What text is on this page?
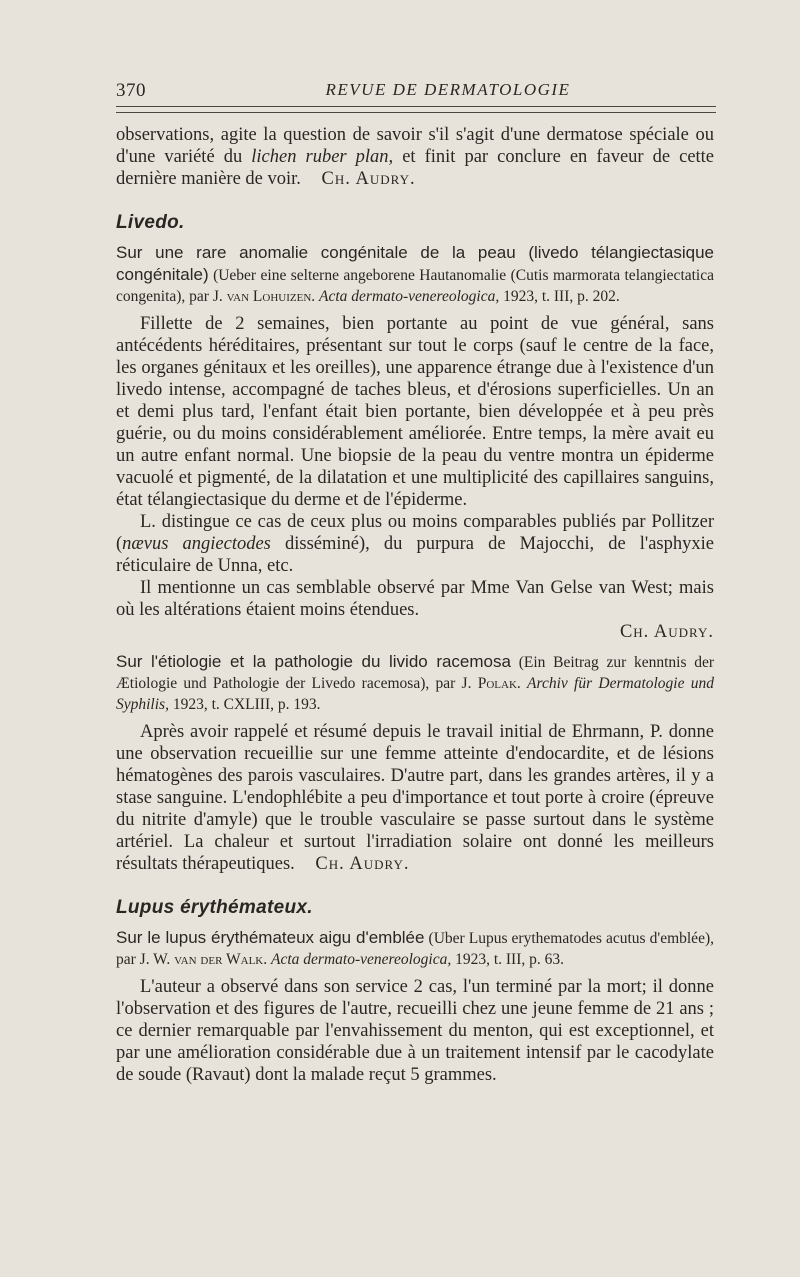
370	REVUE DE DERMATOLOGIE

observations, agite la question de savoir s'il s'agit d'une dermatose spéciale ou d'une variété du lichen ruber plan, et finit par conclure en faveur de cette dernière manière de voir. Ch. Audry.

Livedo.
Sur une rare anomalie congénitale de la peau (livedo télangiectasique congénitale) (Ueber eine selterne angeborene Hautanomalie (Cutis marmorata telangiectatica congenita), par J. van Lohuizen. Acta dermato-venereologica, 1923, t. III, p. 202.

Fillette de 2 semaines, bien portante au point de vue général, sans antécédents héréditaires, présentant sur tout le corps (sauf le centre de la face, les organes génitaux et les oreilles), une apparence étrange due à l'existence d'un livedo intense, accompagné de taches bleus, et d'érosions superficielles. Un an et demi plus tard, l'enfant était bien portante, bien développée et à peu près guérie, ou du moins considérablement améliorée. Entre temps, la mère avait eu un autre enfant normal. Une biopsie de la peau du ventre montra un épiderme vacuolé et pigmenté, de la dilatation et une multiplicité des capillaires sanguins, état télangiectasique du derme et de l'épiderme.

L. distingue ce cas de ceux plus ou moins comparables publiés par Pollitzer (nævus angiectodes disséminé), du purpura de Majocchi, de l'asphyxie réticulaire de Unna, etc.

Il mentionne un cas semblable observé par Mme Van Gelse van West; mais où les altérations étaient moins étendues.

Ch. Audry.

Sur l'étiologie et la pathologie du livido racemosa (Ein Beitrag zur kenntnis der Ætiologie und Pathologie der Livedo racemosa), par J. Polak. Archiv für Dermatologie und Syphilis, 1923, t. CXLIII, p. 193.

Après avoir rappelé et résumé depuis le travail initial de Ehrmann, P. donne une observation recueillie sur une femme atteinte d'endocardite, et de lésions hématogènes des parois vasculaires. D'autre part, dans les grandes artères, il y a stase sanguine. L'endophlébite a peu d'importance et tout porte à croire (épreuve du nitrite d'amyle) que le trouble vasculaire se passe surtout dans le système artériel. La chaleur et surtout l'irradiation solaire ont donné les meilleurs résultats thérapeutiques. Ch. Audry.

Lupus érythémateux.
Sur le lupus érythémateux aigu d'emblée (Uber Lupus erythematodes acutus d'emblée), par J. W. van der Walk. Acta dermato-venereologica, 1923, t. III, p. 63.

L'auteur a observé dans son service 2 cas, l'un terminé par la mort; il donne l'observation et des figures de l'autre, recueilli chez une jeune femme de 21 ans ; ce dernier remarquable par l'envahissement du menton, qui est exceptionnel, et par une amélioration considérable due à un traitement intensif par le cacodylate de soude (Ravaut) dont la malade reçut 5 grammes.
